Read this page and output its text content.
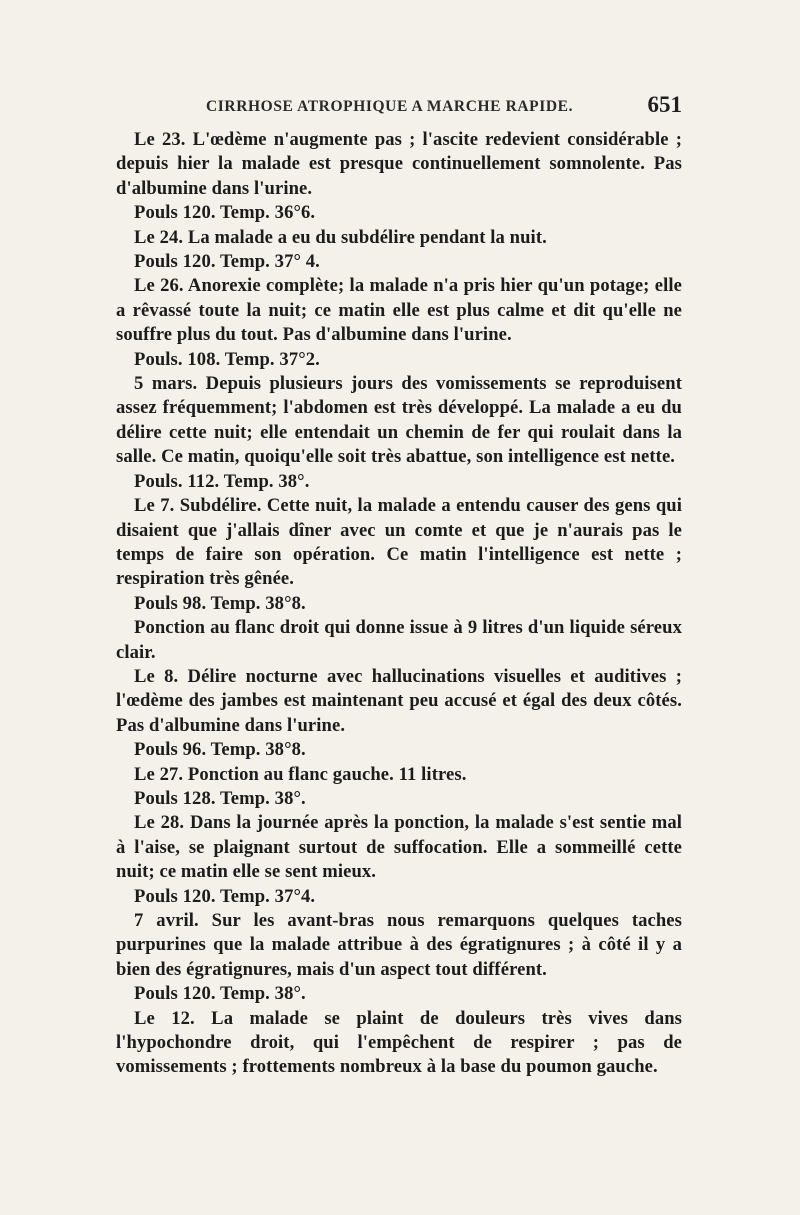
CIRRHOSE ATROPHIQUE A MARCHE RAPIDE.	651

Le 23. L'œdème n'augmente pas ; l'ascite redevient considérable ; depuis hier la malade est presque continuellement somnolente. Pas d'albumine dans l'urine.

Pouls 120. Temp. 36°6.

Le 24. La malade a eu du subdélire pendant la nuit.

Pouls 120. Temp. 37° 4.

Le 26. Anorexie complète; la malade n'a pris hier qu'un potage; elle a rêvassé toute la nuit; ce matin elle est plus calme et dit qu'elle ne souffre plus du tout. Pas d'albumine dans l'urine.

Pouls. 108. Temp. 37°2.

5 mars. Depuis plusieurs jours des vomissements se reproduisent assez fréquemment; l'abdomen est très développé. La malade a eu du délire cette nuit; elle entendait un chemin de fer qui roulait dans la salle. Ce matin, quoiqu'elle soit très abattue, son intelligence est nette.

Pouls. 112. Temp. 38°.

Le 7. Subdélire. Cette nuit, la malade a entendu causer des gens qui disaient que j'allais dîner avec un comte et que je n'aurais pas le temps de faire son opération. Ce matin l'intelligence est nette ; respiration très gênée.

Pouls 98. Temp. 38°8.

Ponction au flanc droit qui donne issue à 9 litres d'un liquide séreux clair.

Le 8. Délire nocturne avec hallucinations visuelles et auditives ; l'œdème des jambes est maintenant peu accusé et égal des deux côtés. Pas d'albumine dans l'urine.

Pouls 96. Temp. 38°8.

Le 27. Ponction au flanc gauche. 11 litres.

Pouls 128. Temp. 38°.

Le 28. Dans la journée après la ponction, la malade s'est sentie mal à l'aise, se plaignant surtout de suffocation. Elle a sommeillé cette nuit; ce matin elle se sent mieux.

Pouls 120. Temp. 37°4.

7 avril. Sur les avant-bras nous remarquons quelques taches purpurines que la malade attribue à des égratignures ; à côté il y a bien des égratignures, mais d'un aspect tout différent.

Pouls 120. Temp. 38°.

Le 12. La malade se plaint de douleurs très vives dans l'hypochondre droit, qui l'empêchent de respirer ; pas de vomissements ; frottements nombreux à la base du poumon gauche.
